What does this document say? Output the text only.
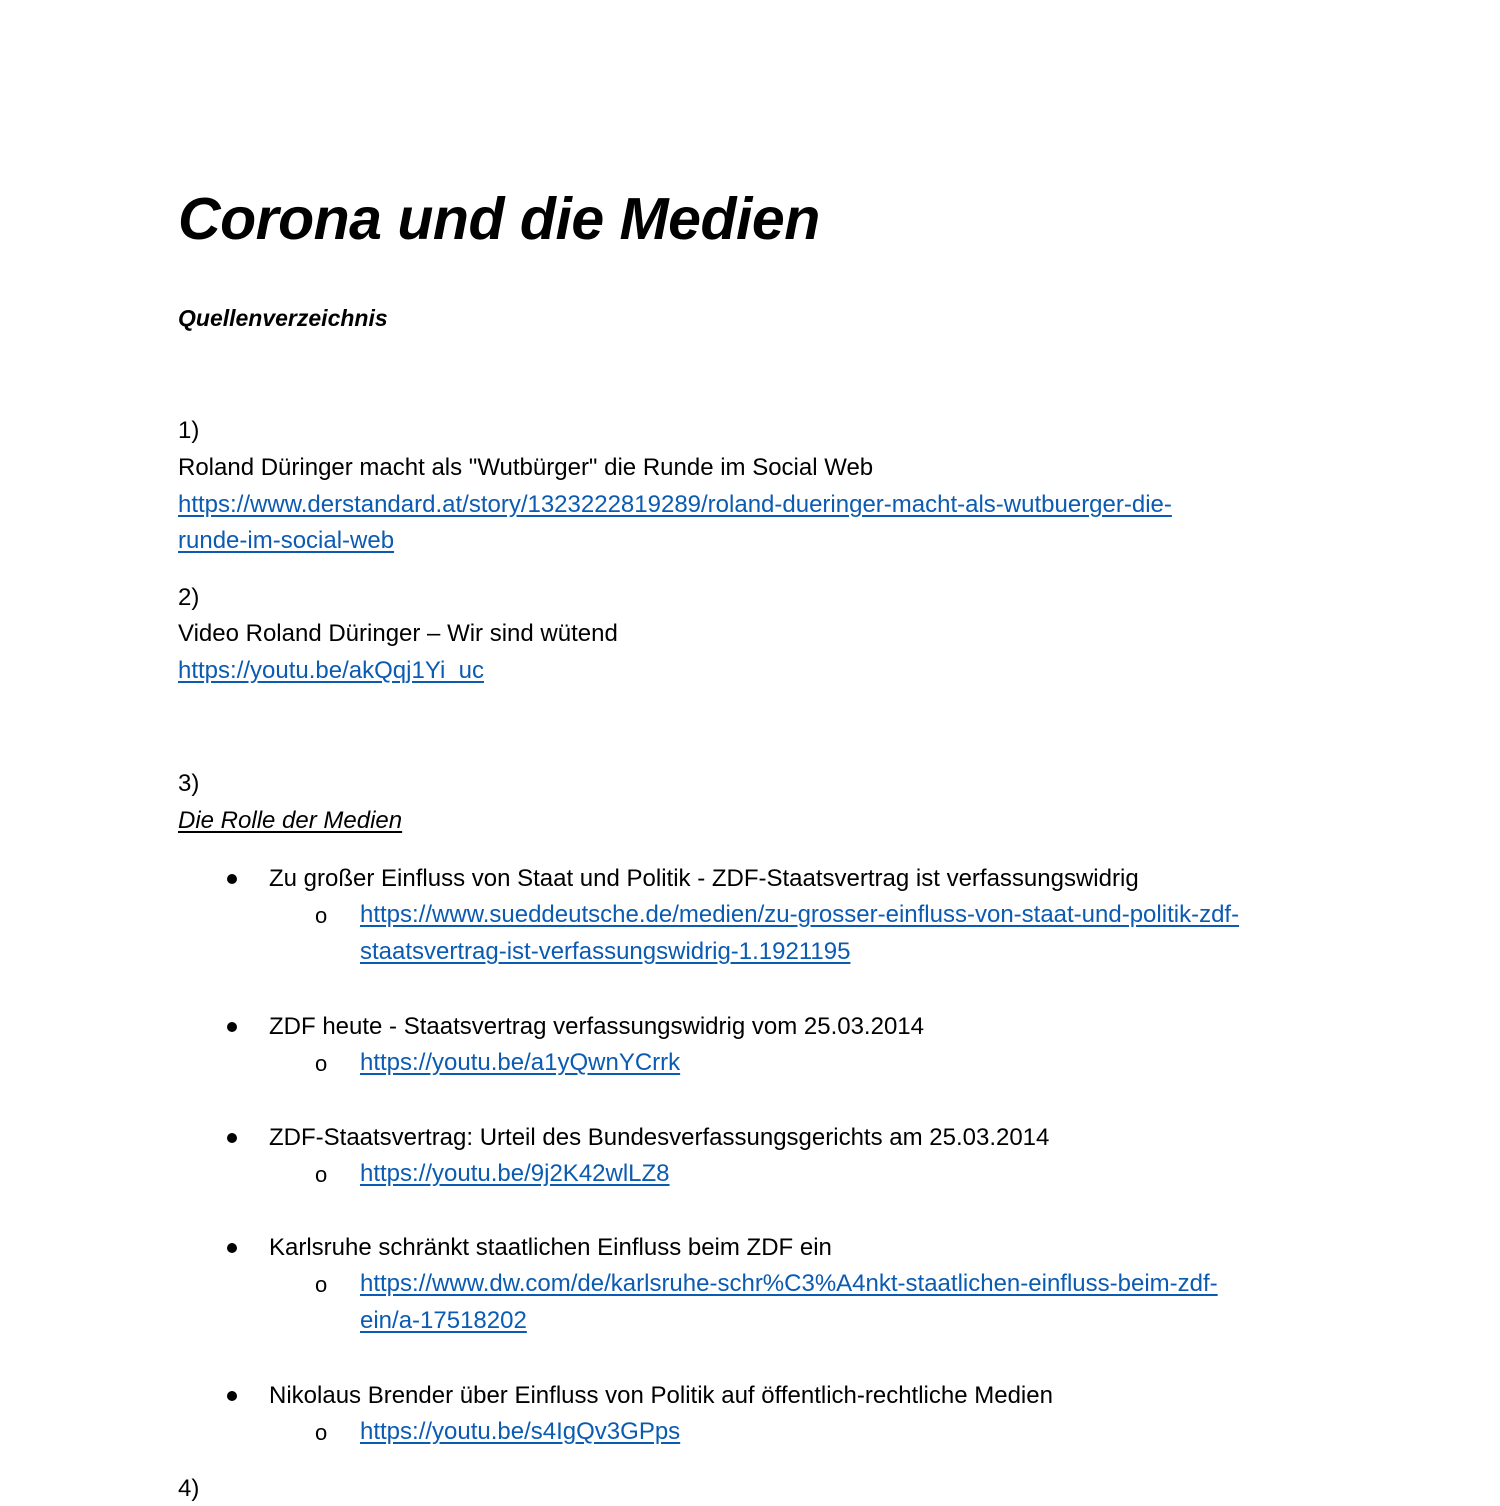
Corona und die Medien
Quellenverzeichnis
1)
Roland Düringer macht als "Wutbürger" die Runde im Social Web
https://www.derstandard.at/story/1323222819289/roland-dueringer-macht-als-wutbuerger-die-
runde-im-social-web
2)
Video Roland Düringer – Wir sind wütend
https://youtu.be/akQqj1Yi_uc
3)
Die Rolle der Medien
Zu großer Einfluss von Staat und Politik - ZDF-Staatsvertrag ist verfassungswidrig
o https://www.sueddeutsche.de/medien/zu-grosser-einfluss-von-staat-und-politik-zdf-
staatsvertrag-ist-verfassungswidrig-1.1921195
ZDF heute - Staatsvertrag verfassungswidrig vom 25.03.2014
o https://youtu.be/a1yQwnYCrrk
ZDF-Staatsvertrag: Urteil des Bundesverfassungsgerichts am 25.03.2014
o https://youtu.be/9j2K42wlLZ8
Karlsruhe schränkt staatlichen Einfluss beim ZDF ein
o https://www.dw.com/de/karlsruhe-schr%C3%A4nkt-staatlichen-einfluss-beim-zdf-
ein/a-17518202
Nikolaus Brender über Einfluss von Politik auf öffentlich-rechtliche Medien
o https://youtu.be/s4IgQv3GPps
4)
